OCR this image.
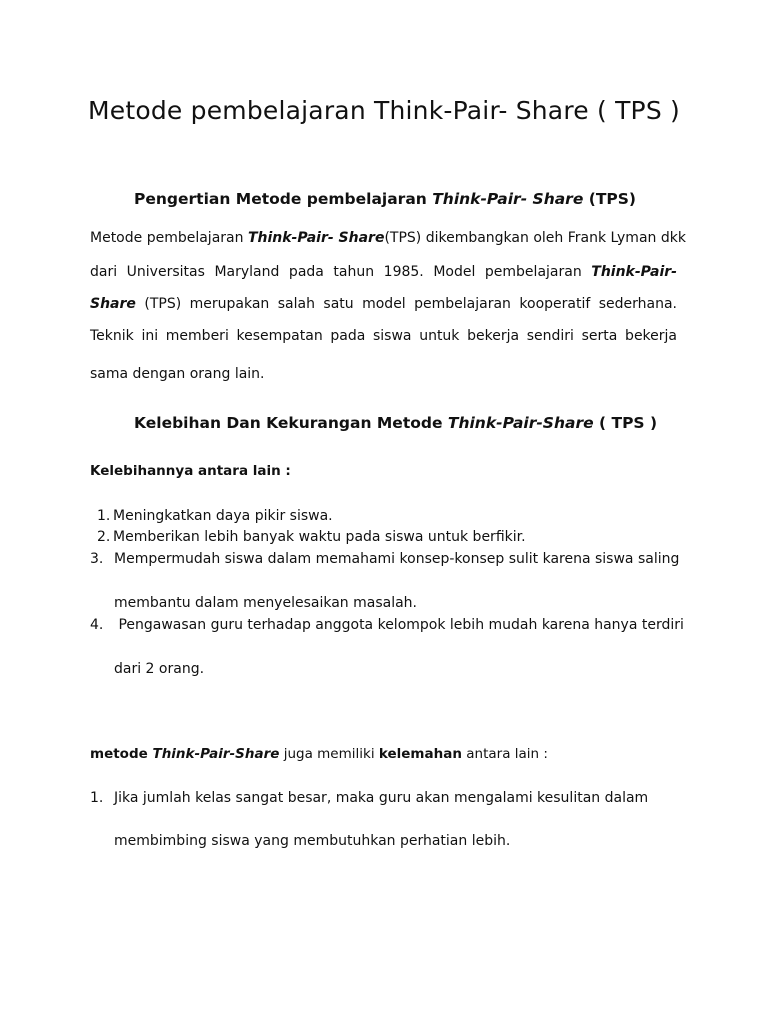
Metode pembelajaran Think-Pair- Share ( TPS )
Pengertian Metode pembelajaran Think-Pair- Share (TPS)
Metode pembelajaran Think-Pair- Share(TPS) dikembangkan oleh Frank Lyman dkk
dari Universitas Maryland pada tahun 1985. Model pembelajaran Think-Pair-
Share (TPS) merupakan salah satu model pembelajaran kooperatif sederhana.
Teknik ini memberi kesempatan pada siswa untuk bekerja sendiri serta bekerja
sama dengan orang lain.
Kelebihan Dan Kekurangan Metode Think-Pair-Share ( TPS )
Kelebihannya antara lain :
1. Meningkatkan daya pikir siswa.
2. Memberikan lebih banyak waktu pada siswa untuk berfikir.
3. Mempermudah siswa dalam memahami konsep-konsep sulit karena siswa saling
membantu dalam menyelesaikan masalah.
4. Pengawasan guru terhadap anggota kelompok lebih mudah karena hanya terdiri
dari 2 orang.
metode Think-Pair-Share juga memiliki kelemahan antara lain :
1. Jika jumlah kelas sangat besar, maka guru akan mengalami kesulitan dalam
membimbing siswa yang membutuhkan perhatian lebih.
